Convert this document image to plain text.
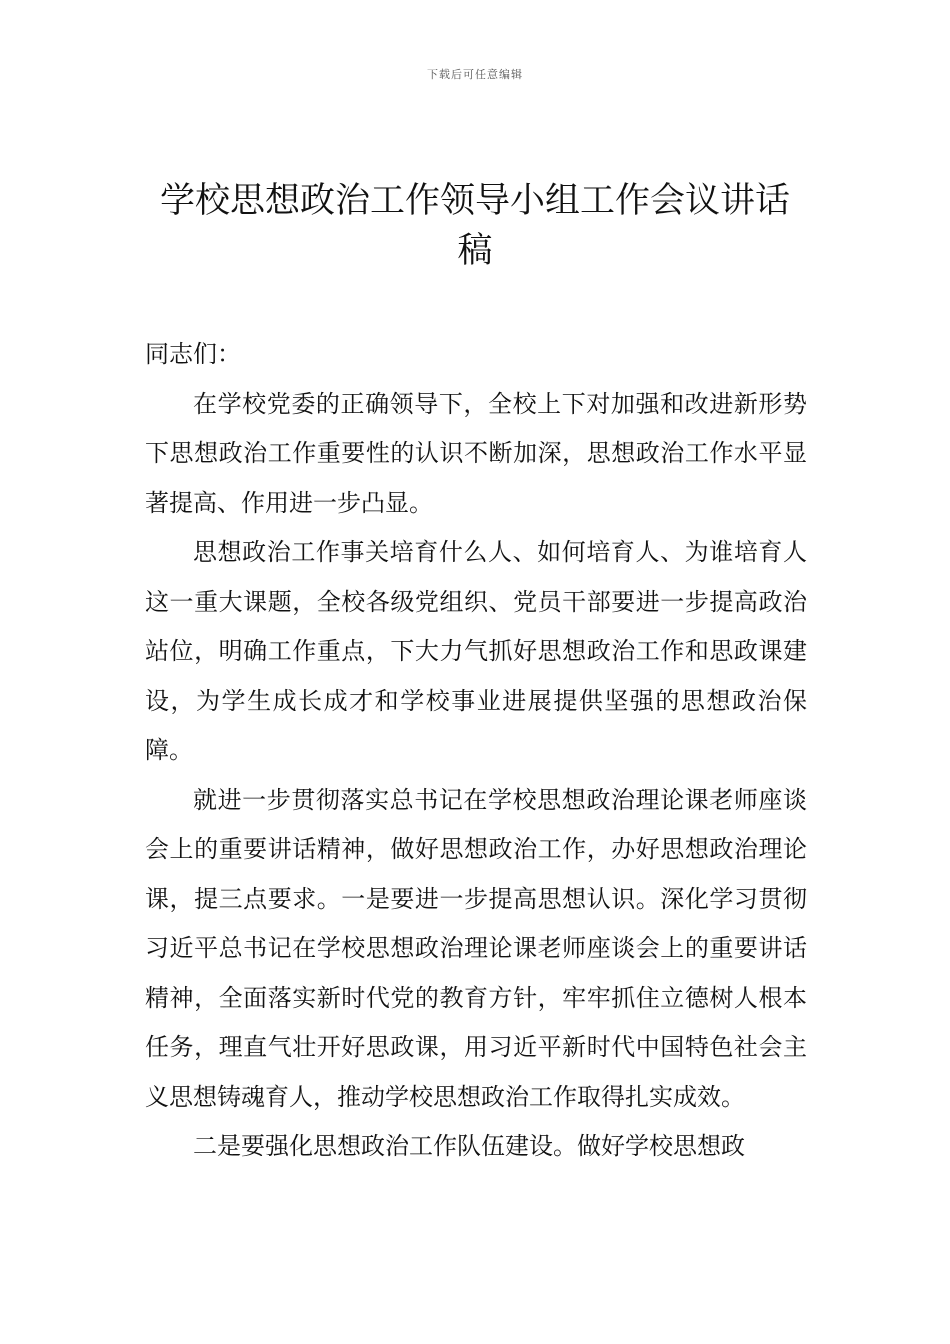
下载后可任意编辑
学校思想政治工作领导小组工作会议讲话稿

同志们：

在学校党委的正确领导下，全校上下对加强和改进新形势下思想政治工作重要性的认识不断加深，思想政治工作水平显著提高、作用进一步凸显。

思想政治工作事关培育什么人、如何培育人、为谁培育人这一重大课题，全校各级党组织、党员干部要进一步提高政治站位，明确工作重点，下大力气抓好思想政治工作和思政课建设，为学生成长成才和学校事业进展提供坚强的思想政治保障。

就进一步贯彻落实总书记在学校思想政治理论课老师座谈会上的重要讲话精神，做好思想政治工作，办好思想政治理论课，提三点要求。一是要进一步提高思想认识。深化学习贯彻习近平总书记在学校思想政治理论课老师座谈会上的重要讲话精神，全面落实新时代党的教育方针，牢牢抓住立德树人根本任务，理直气壮开好思政课，用习近平新时代中国特色社会主义思想铸魂育人，推动学校思想政治工作取得扎实成效。

二是要强化思想政治工作队伍建设。做好学校思想政
